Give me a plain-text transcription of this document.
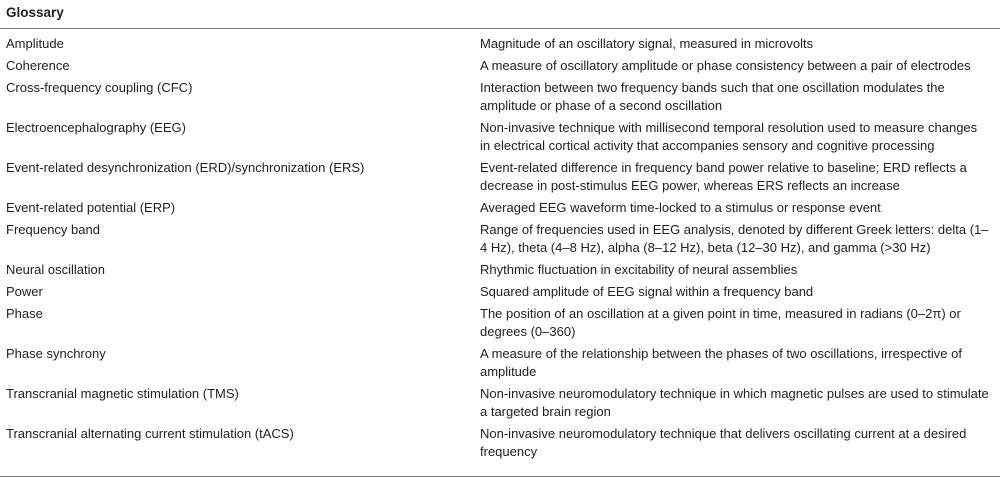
Glossary
Amplitude	Magnitude of an oscillatory signal, measured in microvolts
Coherence	A measure of oscillatory amplitude or phase consistency between a pair of electrodes
Cross-frequency coupling (CFC)	Interaction between two frequency bands such that one oscillation modulates the amplitude or phase of a second oscillation
Electroencephalography (EEG)	Non-invasive technique with millisecond temporal resolution used to measure changes in electrical cortical activity that accompanies sensory and cognitive processing
Event-related desynchronization (ERD)/synchronization (ERS)	Event-related difference in frequency band power relative to baseline; ERD reflects a decrease in post-stimulus EEG power, whereas ERS reflects an increase
Event-related potential (ERP)	Averaged EEG waveform time-locked to a stimulus or response event
Frequency band	Range of frequencies used in EEG analysis, denoted by different Greek letters: delta (1–4 Hz), theta (4–8 Hz), alpha (8–12 Hz), beta (12–30 Hz), and gamma (>30 Hz)
Neural oscillation	Rhythmic fluctuation in excitability of neural assemblies
Power	Squared amplitude of EEG signal within a frequency band
Phase	The position of an oscillation at a given point in time, measured in radians (0–2π) or degrees (0–360)
Phase synchrony	A measure of the relationship between the phases of two oscillations, irrespective of amplitude
Transcranial magnetic stimulation (TMS)	Non-invasive neuromodulatory technique in which magnetic pulses are used to stimulate a targeted brain region
Transcranial alternating current stimulation (tACS)	Non-invasive neuromodulatory technique that delivers oscillating current at a desired frequency
